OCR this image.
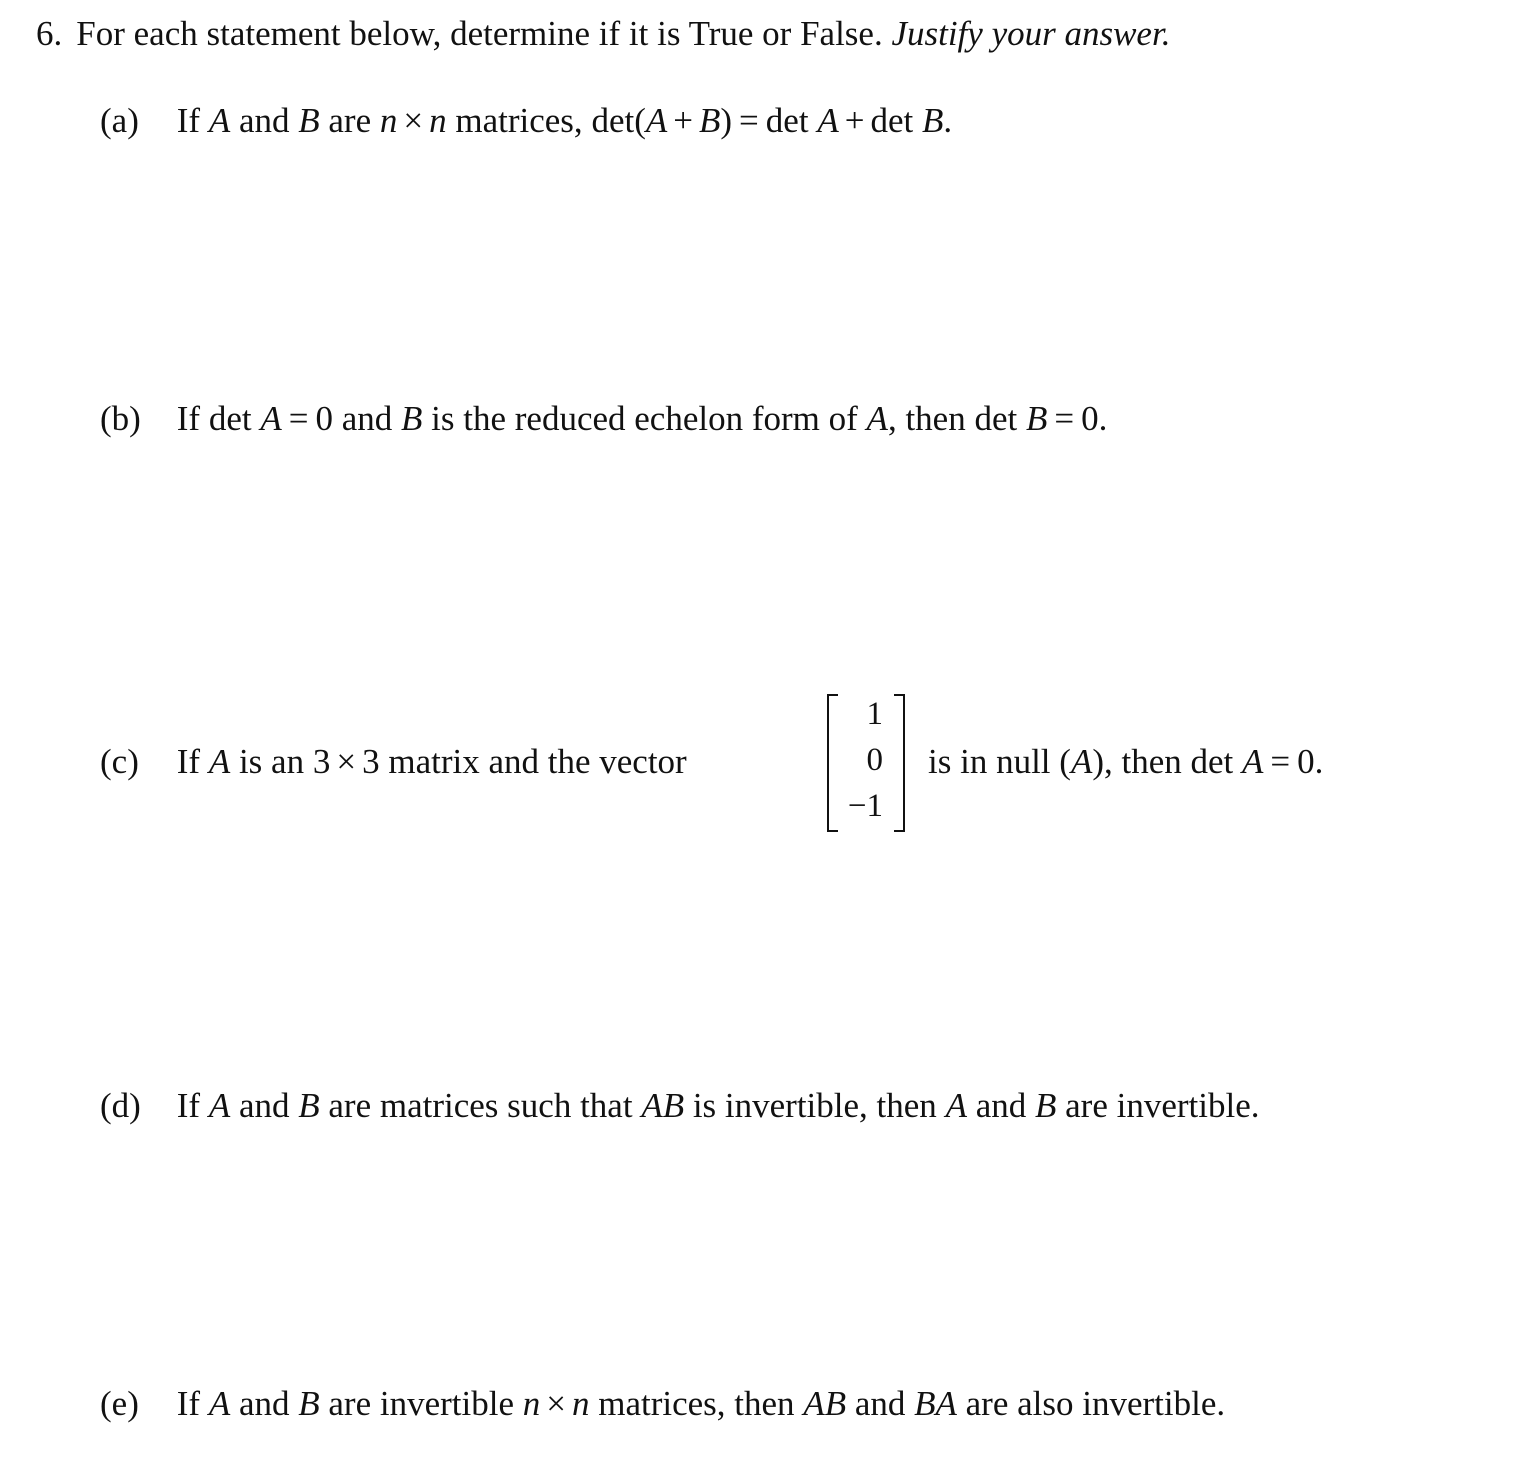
6. For each statement below, determine if it is True or False. Justify your answer.
(a) If A and B are n × n matrices, det(A + B) = det A + det B.
(b) If det A = 0 and B is the reduced echelon form of A, then det B = 0.
(c) If A is an 3 × 3 matrix and the vector
1
0
−1
is in null (A), then det A = 0.
(d) If A and B are matrices such that AB is invertible, then A and B are invertible.
(e) If A and B are invertible n × n matrices, then AB and BA are also invertible.
